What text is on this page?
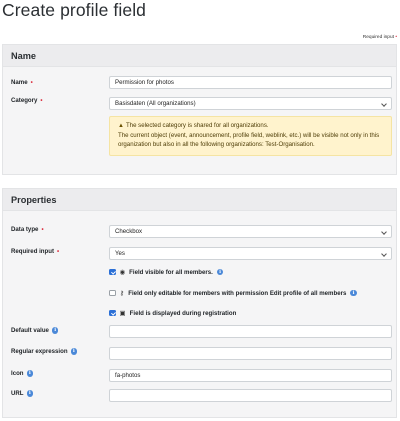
Create profile field
Required input •
Name
Name •	Permission for photos
Category •	Basisdaten (All organizations)
▲ The selected category is shared for all organizations.
The current object (event, announcement, profile field, weblink, etc.) will be visible not only in this organization but also in all the following organizations: Test-Organisation.
Properties
Data type •	Checkbox
Required input •	Yes
◉ Field visible for all members.	i
⚷ Field only editable for members with permission Edit profile of all members	i
▣ Field is displayed during registration
Default value	i
Regular expression	i
Icon	i	fa-photos
URL	i
